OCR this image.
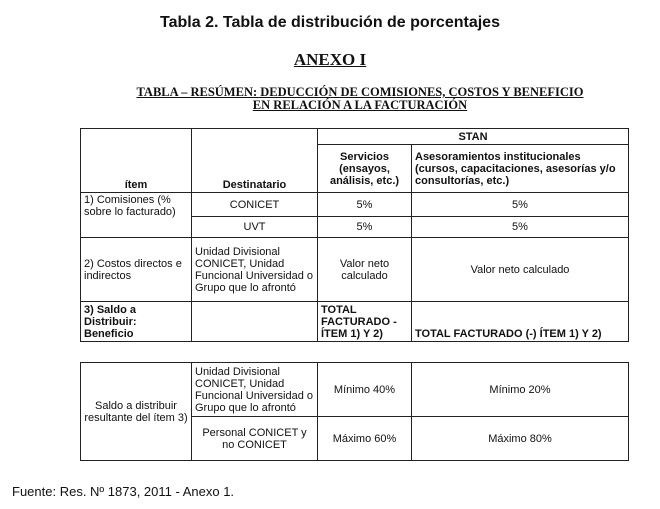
Tabla 2. Tabla de distribución de porcentajes
ANEXO I
TABLA – RESÚMEN: DEDUCCIÓN DE COMISIONES, COSTOS Y BENEFICIO
EN RELACIÓN A LA FACTURACIÓN
ítem	Destinatario	STAN	
		Servicios (ensayos, análisis, etc.)	Asesoramientos institucionales (cursos, capacitaciones, asesorías y/o consultorías, etc.)
1) Comisiones (% sobre lo facturado)	CONICET	5%	5%
	UVT	5%	5%
2) Costos directos e indirectos	Unidad Divisional CONICET, Unidad Funcional Universidad o Grupo que lo afrontó	Valor neto calculado	Valor neto calculado
3) Saldo a Distribuir: Beneficio		TOTAL FACTURADO - ÍTEM 1) Y 2)	TOTAL FACTURADO (-) ÍTEM 1) Y 2)
Saldo a distribuir resultante del ítem 3)	Unidad Divisional CONICET, Unidad Funcional Universidad o Grupo que lo afrontó	Mínimo 40%	Mínimo 20%
	Personal CONICET y no CONICET	Máximo 60%	Máximo 80%
Fuente: Res. Nº 1873, 2011 - Anexo 1.
